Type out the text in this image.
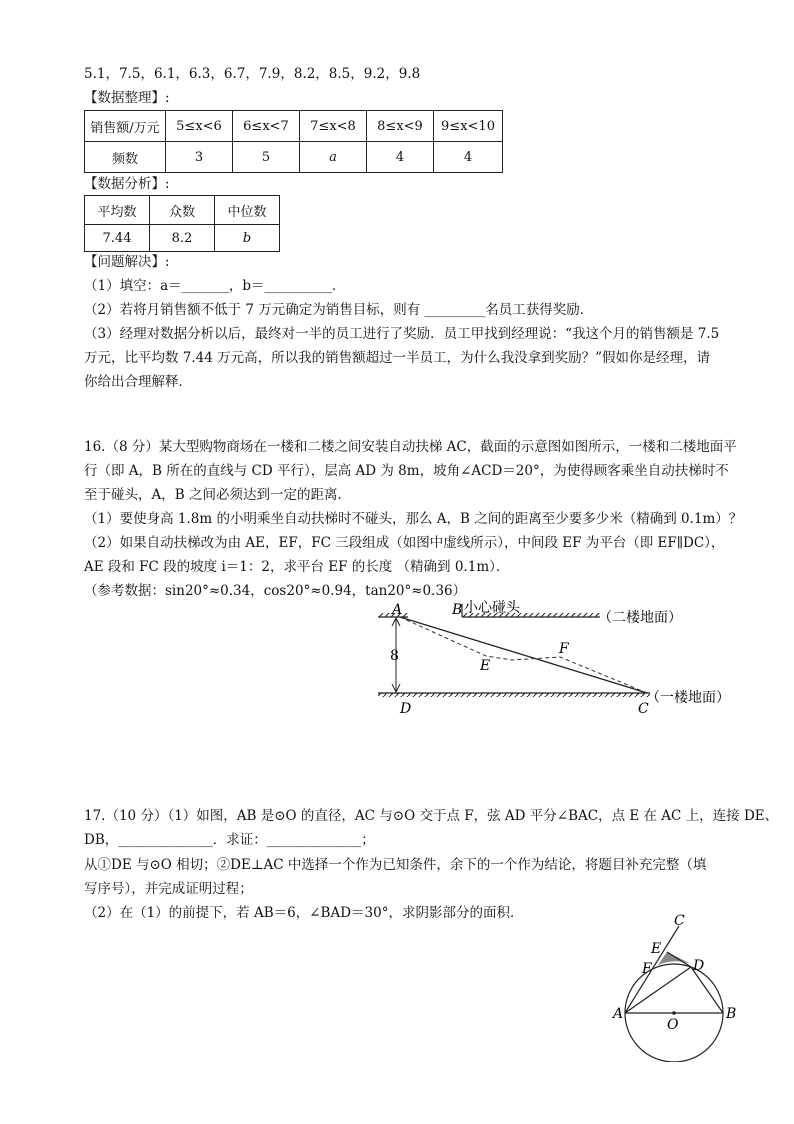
5.1，7.5，6.1，6.3，6.7，7.9，8.2，8.5，9.2，9.8
【数据整理】:
销售额/万元	5≤x<6	6≤x<7	7≤x<8	8≤x<9	9≤x<10
频数	3	5	a	4	4
【数据分析】:
平均数	众数	中位数
7.44	8.2	b
【问题解决】:
（1）填空：a＝_______，b＝__________．
（2）若将月销售额不低于 7 万元确定为销售目标，则有 _________名员工获得奖励．
（3）经理对数据分析以后，最终对一半的员工进行了奖励．员工甲找到经理说：“我这个月的销售额是 7.5
万元，比平均数 7.44 万元高，所以我的销售额超过一半员工，为什么我没拿到奖励？”假如你是经理，请
你给出合理解释．
16.（8 分）某大型购物商场在一楼和二楼之间安装自动扶梯 AC，截面的示意图如图所示，一楼和二楼地面平
行（即 A，B 所在的直线与 CD 平行），层高 AD 为 8m，坡角∠ACD＝20°，为使得顾客乘坐自动扶梯时不
至于碰头，A，B 之间必须达到一定的距离．
（1）要使身高 1.8m 的小明乘坐自动扶梯时不碰头，那么 A，B 之间的距离至少要多少米（精确到 0.1m）？
（2）如果自动扶梯改为由 AE，EF，FC 三段组成（如图中虚线所示），中间段 EF 为平台（即 EF∥DC），
AE 段和 FC 段的坡度 i＝1：2，求平台 EF 的长度 （精确到 0.1m）．
（参考数据：sin20°≈0.34，cos20°≈0.94，tan20°≈0.36）
A	B 小心碰头
（二楼地面）
8
E
F
D	C
（一楼地面）
17.（10 分）（1）如图，AB 是⊙O 的直径，AC 与⊙O 交于点 F，弦 AD 平分∠BAC，点 E 在 AC 上，连接 DE、
DB，______________．求证：______________；
从①DE 与⊙O 相切；②DE⊥AC 中选择一个作为已知条件，余下的一个作为结论，将题目补充完整（填
写序号），并完成证明过程；
（2）在（1）的前提下，若 AB＝6，∠BAD＝30°，求阴影部分的面积．	C
E
F	D
A	B
O
